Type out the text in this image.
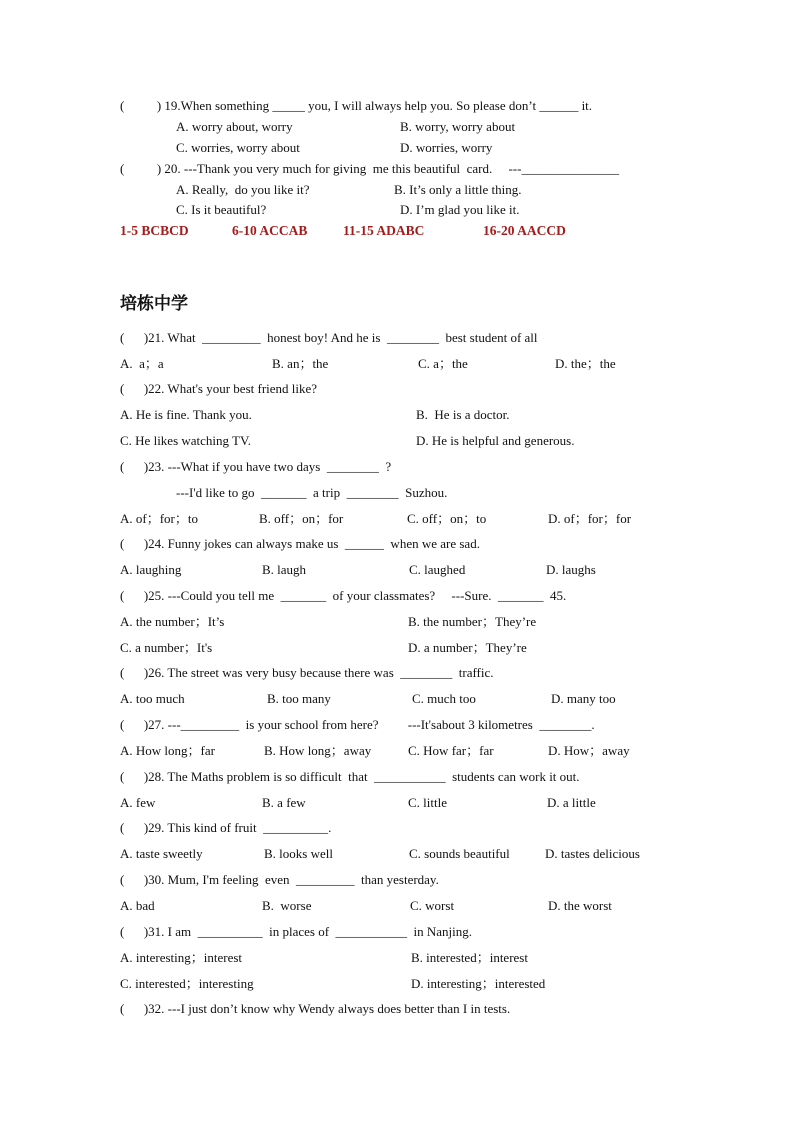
(          ) 19.When something _____ you, I will always help you. So please don’t ______ it.
A. worry about, worry	B. worry, worry about
C. worries, worry about	D. worries, worry
(          ) 20. ---Thank you very much for giving  me this beautiful  card.     ---_______________
A. Really,  do you like it?	B. It’s only a little thing.
C. Is it beautiful?	D. I’m glad you like it.
1-5 BCBCD	6-10 ACCAB	11-15 ADABC	16-20 AACCD
培栋中学
(      )21. What  _________  honest boy! And he is  ________  best student of all
A.  a；a	B. an；the	C. a；the	D. the；the
(      )22. What's your best friend like?
A. He is fine. Thank you.	B.  He is a doctor.
C. He likes watching TV.	D. He is helpful and generous.
(      )23. ---What if you have two days  ________  ?
---I'd like to go  _______  a trip  ________  Suzhou.
A. of；for；to	B. off；on；for	C. off；on；to	D. of；for；for
(      )24. Funny jokes can always make us  ______  when we are sad.
A. laughing	B. laugh	C. laughed	D. laughs
(      )25. ---Could you tell me  _______  of your classmates?     ---Sure.  _______  45.
A. the number；It’s	B. the number；They’re
C. a number；It's	D. a number；They’re
(      )26. The street was very busy because there was  ________  traffic.
A. too much	B. too many	C. much too	D. many too
(      )27. ---_________  is your school from here?         ---It'sabout 3 kilometres  ________.
A. How long；far	B. How long；away	C. How far；far	D. How；away
(      )28. The Maths problem is so difficult  that  ___________  students can work it out.
A. few	B. a few	C. little	D. a little
(      )29. This kind of fruit  __________.
A. taste sweetly	B. looks well	C. sounds beautiful	D. tastes delicious
(      )30. Mum, I'm feeling  even  _________  than yesterday.
A. bad	B.  worse	C. worst	D. the worst
(      )31. I am  __________  in places of  ___________  in Nanjing.
A. interesting；interest	B. interested；interest
C. interested；interesting	D. interesting；interested
(      )32. ---I just don’t know why Wendy always does better than I in tests.
